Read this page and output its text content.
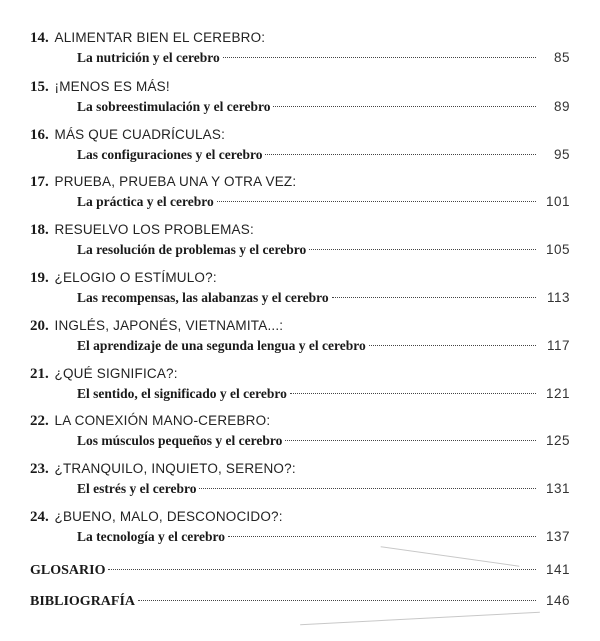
14. ALIMENTAR BIEN EL CEREBRO:
La nutrición y el cerebro	85
15. ¡MENOS ES MÁS!
La sobreestimulación y el cerebro	89
16. MÁS QUE CUADRÍCULAS:
Las configuraciones y el cerebro	95
17. PRUEBA, PRUEBA UNA Y OTRA VEZ:
La práctica y el cerebro	101
18. RESUELVO LOS PROBLEMAS:
La resolución de problemas y el cerebro	105
19. ¿ELOGIO O ESTÍMULO?:
Las recompensas, las alabanzas y el cerebro	113
20. INGLÉS, JAPONÉS, VIETNAMITA...:
El aprendizaje de una segunda lengua y el cerebro	117
21. ¿QUÉ SIGNIFICA?:
El sentido, el significado y el cerebro	121
22. LA CONEXIÓN MANO-CEREBRO:
Los músculos pequeños y el cerebro	125
23. ¿TRANQUILO, INQUIETO, SERENO?:
El estrés y el cerebro	131
24. ¿BUENO, MALO, DESCONOCIDO?:
La tecnología y el cerebro	137
GLOSARIO	141
BIBLIOGRAFÍA	146
